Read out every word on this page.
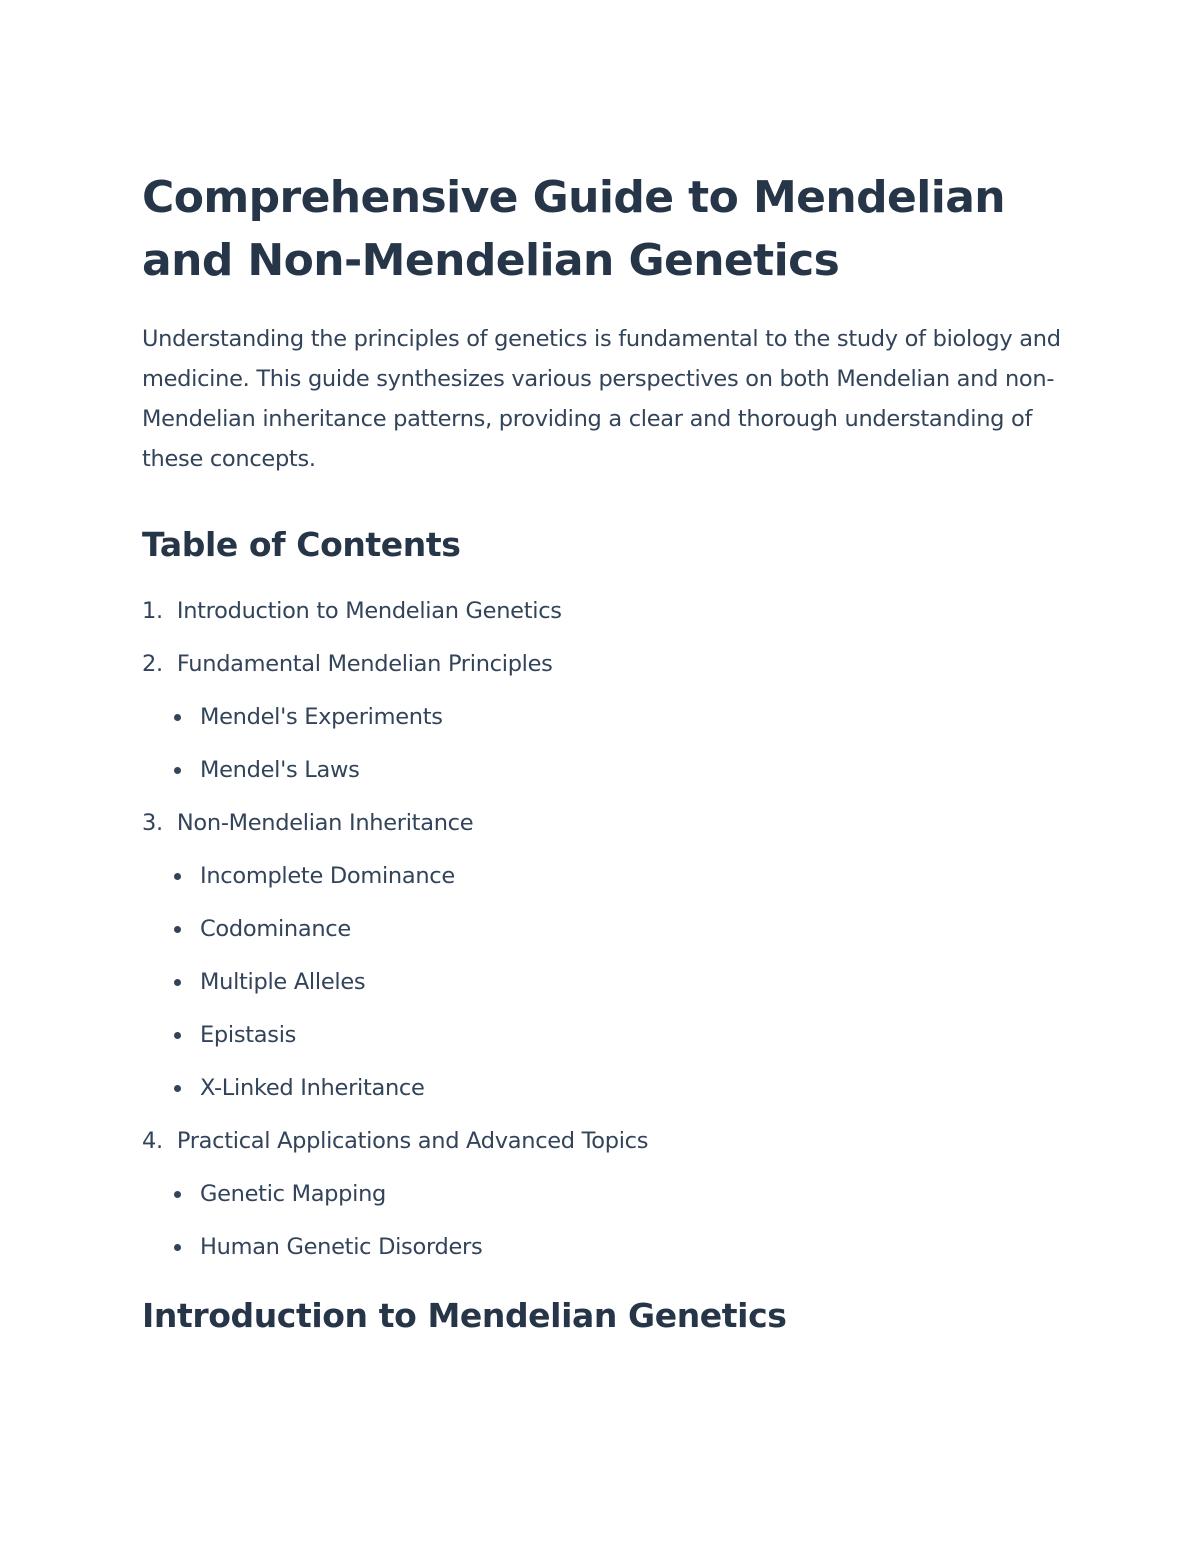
Comprehensive Guide to Mendelian and Non-Mendelian Genetics

Understanding the principles of genetics is fundamental to the study of biology and medicine. This guide synthesizes various perspectives on both Mendelian and non-Mendelian inheritance patterns, providing a clear and thorough understanding of these concepts.

Table of Contents
1. Introduction to Mendelian Genetics
2. Fundamental Mendelian Principles
Mendel's Experiments
Mendel's Laws
3. Non-Mendelian Inheritance
Incomplete Dominance
Codominance
Multiple Alleles
Epistasis
X-Linked Inheritance
4. Practical Applications and Advanced Topics
Genetic Mapping
Human Genetic Disorders
Introduction to Mendelian Genetics
